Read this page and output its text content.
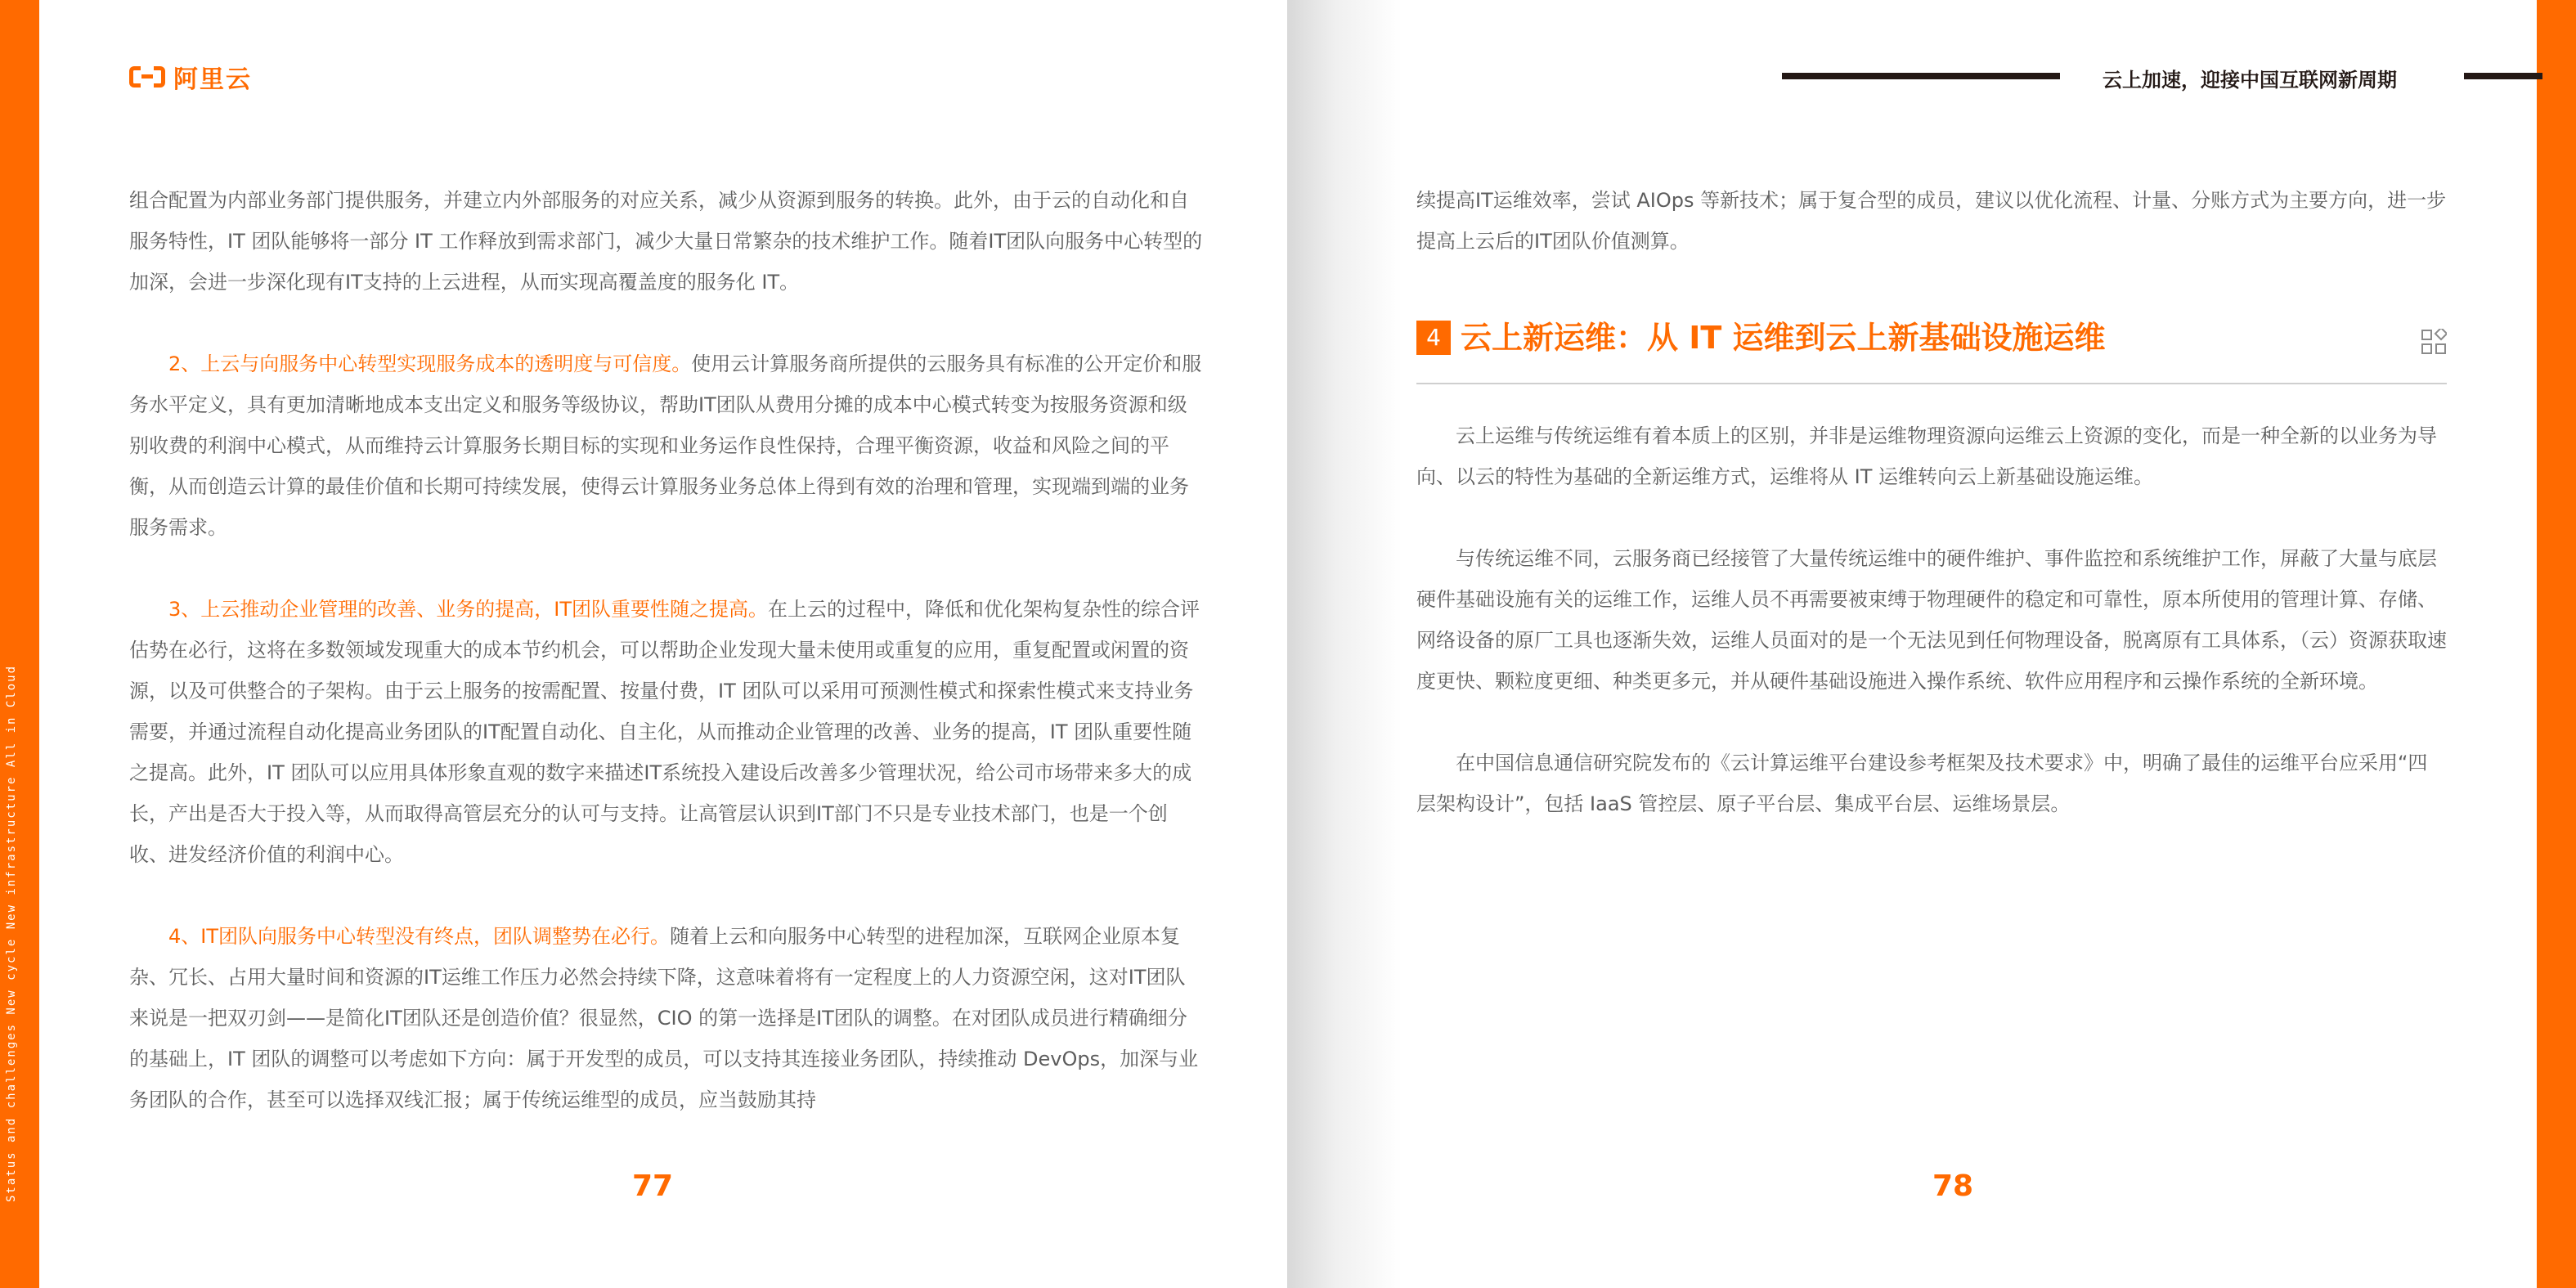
Status and challenges New cycle New infrastructure All in Cloud
阿里云

组合配置为内部业务部门提供服务，并建立内外部服务的对应关系，减少从资源到服务的转换。此外，由于云的自动化和自服务特性，IT 团队能够将一部分 IT 工作释放到需求部门，减少大量日常繁杂的技术维护工作。随着IT团队向服务中心转型的加深，会进一步深化现有IT支持的上云进程，从而实现高覆盖度的服务化 IT。

2、上云与向服务中心转型实现服务成本的透明度与可信度。使用云计算服务商所提供的云服务具有标准的公开定价和服务水平定义，具有更加清晰地成本支出定义和服务等级协议，帮助IT团队从费用分摊的成本中心模式转变为按服务资源和级别收费的利润中心模式，从而维持云计算服务长期目标的实现和业务运作良性保持，合理平衡资源，收益和风险之间的平衡，从而创造云计算的最佳价值和长期可持续发展，使得云计算服务业务总体上得到有效的治理和管理，实现端到端的业务服务需求。

3、上云推动企业管理的改善、业务的提高，IT团队重要性随之提高。在上云的过程中，降低和优化架构复杂性的综合评估势在必行，这将在多数领域发现重大的成本节约机会，可以帮助企业发现大量未使用或重复的应用，重复配置或闲置的资源，以及可供整合的子架构。由于云上服务的按需配置、按量付费，IT 团队可以采用可预测性模式和探索性模式来支持业务需要，并通过流程自动化提高业务团队的IT配置自动化、自主化，从而推动企业管理的改善、业务的提高，IT 团队重要性随之提高。此外，IT 团队可以应用具体形象直观的数字来描述IT系统投入建设后改善多少管理状况，给公司市场带来多大的成长，产出是否大于投入等，从而取得高管层充分的认可与支持。让高管层认识到IT部门不只是专业技术部门，也是一个创收、进发经济价值的利润中心。

4、IT团队向服务中心转型没有终点，团队调整势在必行。随着上云和向服务中心转型的进程加深，互联网企业原本复杂、冗长、占用大量时间和资源的IT运维工作压力必然会持续下降，这意味着将有一定程度上的人力资源空闲，这对IT团队来说是一把双刃剑——是简化IT团队还是创造价值？很显然，CIO 的第一选择是IT团队的调整。在对团队成员进行精确细分的基础上，IT 团队的调整可以考虑如下方向：属于开发型的成员，可以支持其连接业务团队，持续推动 DevOps，加深与业务团队的合作，甚至可以选择双线汇报；属于传统运维型的成员，应当鼓励其持

77
云上加速，迎接中国互联网新周期

续提高IT运维效率，尝试 AIOps 等新技术；属于复合型的成员，建议以优化流程、计量、分账方式为主要方向，进一步提高上云后的IT团队价值测算。

4 云上新运维：从 IT 运维到云上新基础设施运维

云上运维与传统运维有着本质上的区别，并非是运维物理资源向运维云上资源的变化，而是一种全新的以业务为导向、以云的特性为基础的全新运维方式，运维将从 IT 运维转向云上新基础设施运维。

与传统运维不同，云服务商已经接管了大量传统运维中的硬件维护、事件监控和系统维护工作，屏蔽了大量与底层硬件基础设施有关的运维工作，运维人员不再需要被束缚于物理硬件的稳定和可靠性，原本所使用的管理计算、存储、网络设备的原厂工具也逐渐失效，运维人员面对的是一个无法见到任何物理设备，脱离原有工具体系，（云）资源获取速度更快、颗粒度更细、种类更多元，并从硬件基础设施进入操作系统、软件应用程序和云操作系统的全新环境。

在中国信息通信研究院发布的《云计算运维平台建设参考框架及技术要求》中，明确了最佳的运维平台应采用“四层架构设计”，包括 IaaS 管控层、原子平台层、集成平台层、运维场景层。

78
